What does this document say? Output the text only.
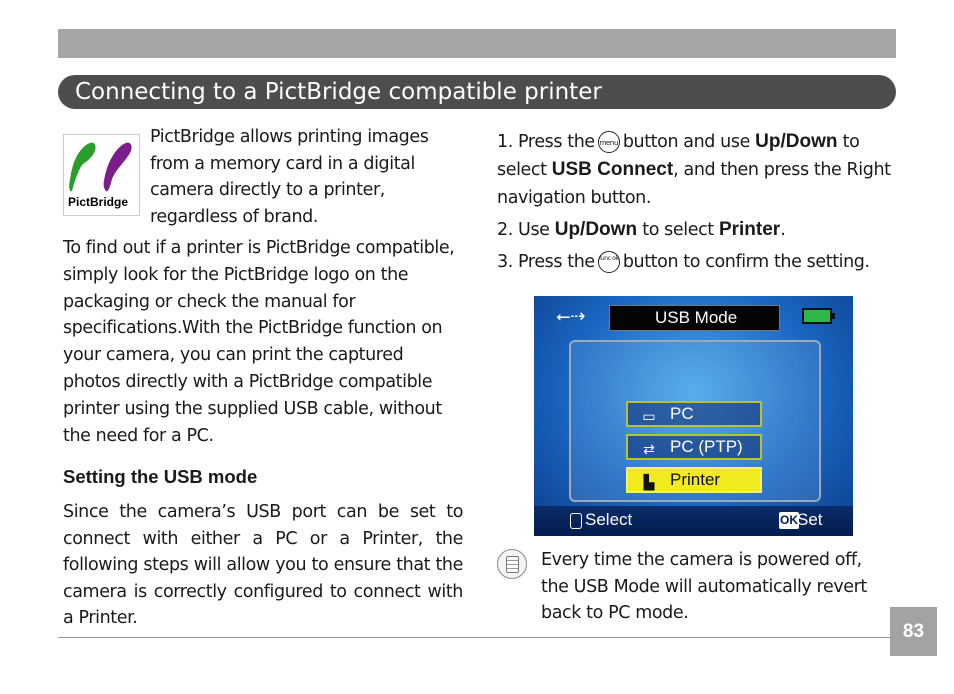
Connecting to a PictBridge compatible printer
PictBridge
PictBridge allows printing images from a memory card in a digital camera directly to a printer, regardless of brand.
To find out if a printer is PictBridge compatible, simply look for the PictBridge logo on the packaging or check the manual for specifications.With the PictBridge function on your camera, you can print the captured photos directly with a PictBridge compatible printer using the supplied USB cable, without the need for a PC.
Setting the USB mode
Since the camera’s USB port can be set to connect with either a PC or a Printer, the following steps will allow you to ensure that the camera is correctly configured to connect with a Printer.
1. Press the menu button and use Up/Down to select USB Connect, and then press the Right navigation button.
2. Use Up/Down to select Printer.
3. Press the func ok button to confirm the setting.
⭠⇢	USB Mode
▭ PC
⇄ PC (PTP)
▙ Printer
Select	OK Set
Every time the camera is powered off, the USB Mode will automatically revert back to PC mode.
83
